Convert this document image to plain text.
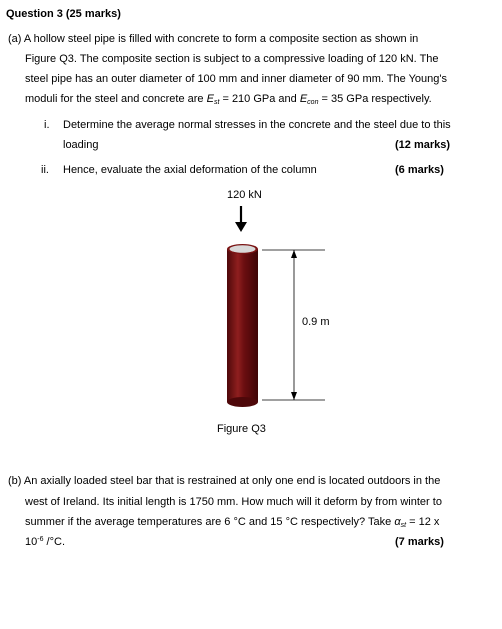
Question 3 (25 marks)
(a) A hollow steel pipe is filled with concrete to form a composite section as shown in
Figure Q3. The composite section is subject to a compressive loading of 120 kN. The
steel pipe has an outer diameter of 100 mm and inner diameter of 90 mm. The Young's
moduli for the steel and concrete are $E_{st} = 210$ GPa and $E_{con} = 35$ GPa respectively.
i. Determine the average normal stresses in the concrete and the steel due to this
loading	(12 marks)
ii. Hence, evaluate the axial deformation of the column	(6 marks)
120 kN
0.9 m
Figure Q3
(b) An axially loaded steel bar that is restrained at only one end is located outdoors in the
west of Ireland. Its initial length is 1750 mm. How much will it deform by from winter to
summer if the average temperatures are 6 °C and 15 °C respectively? Take $\alpha_{st} = 12$ x
$10^{-6}$ /°C.	(7 marks)
